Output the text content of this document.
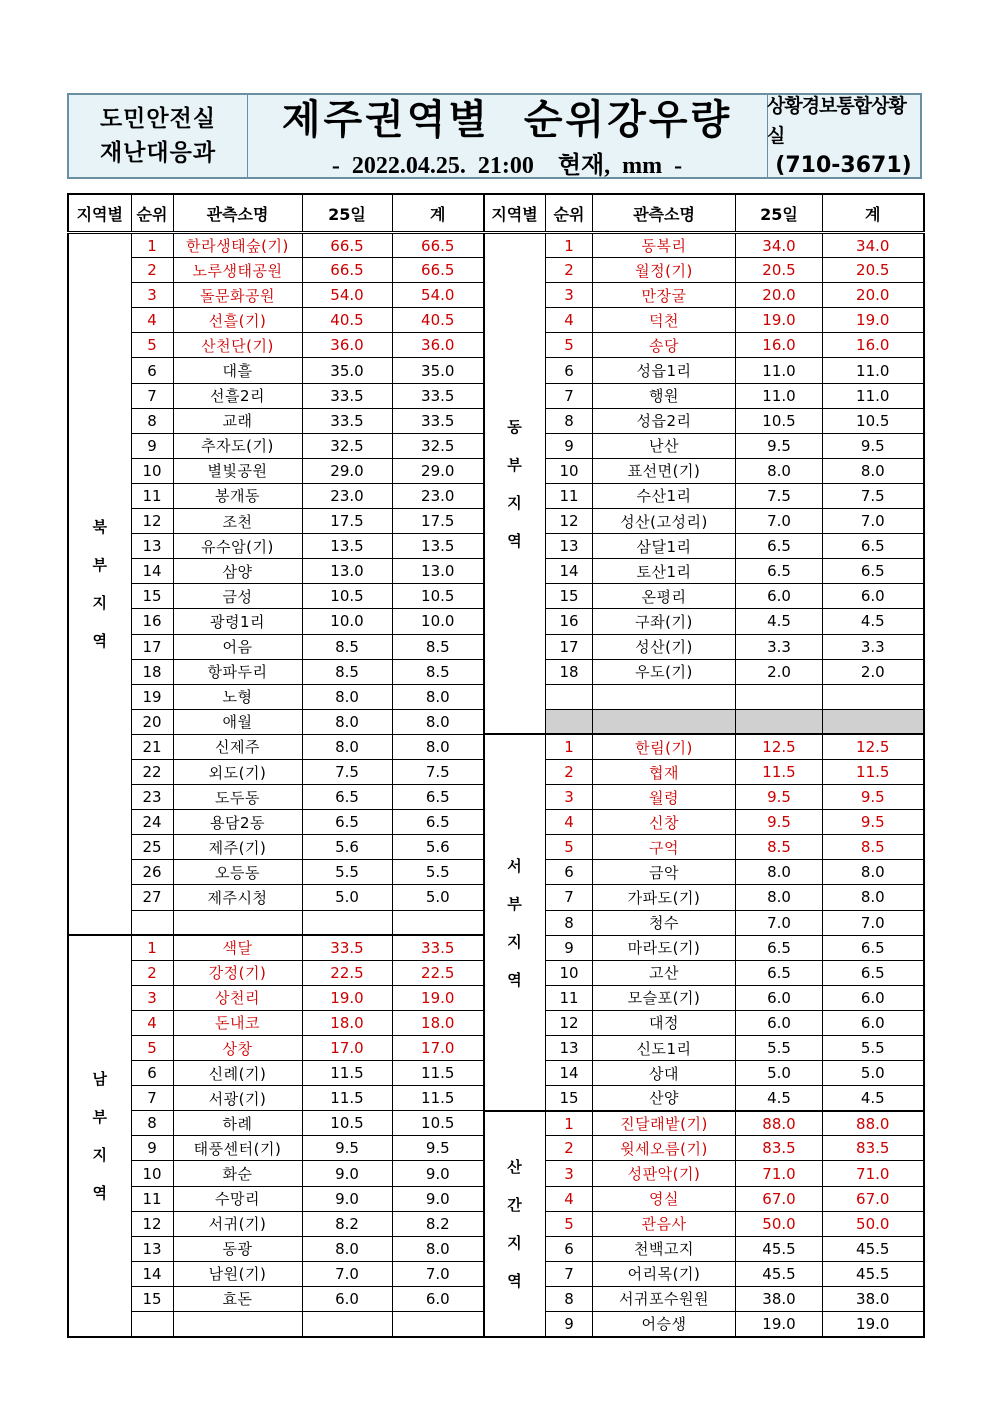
도민안전실
재난대응과
제주권역별  순위강우량
-  2022.04.25.  21:00    현재,  mm  -
상황경보통합상황실
(710-3671)
지역별	순위	관측소명	25일	계

북
부
지
역	1	한라생태숲(기)	66.5	66.5
	2	노루생태공원	66.5	66.5
	3	돌문화공원	54.0	54.0
	4	선흘(기)	40.5	40.5
	5	산천단(기)	36.0	36.0
	6	대흘	35.0	35.0
	7	선흘2리	33.5	33.5
	8	교래	33.5	33.5
	9	추자도(기)	32.5	32.5
	10	별빛공원	29.0	29.0
	11	봉개동	23.0	23.0
	12	조천	17.5	17.5
	13	유수암(기)	13.5	13.5
	14	삼양	13.0	13.0
	15	금성	10.5	10.5
	16	광령1리	10.0	10.0
	17	어음	8.5	8.5
	18	항파두리	8.5	8.5
	19	노형	8.0	8.0
	20	애월	8.0	8.0
	21	신제주	8.0	8.0
	22	외도(기)	7.5	7.5
	23	도두동	6.5	6.5
	24	용담2동	6.5	6.5
	25	제주(기)	5.6	5.6
	26	오등동	5.5	5.5
	27	제주시청	5.0	5.0

남
부
지
역	1	색달	33.5	33.5
	2	강정(기)	22.5	22.5
	3	상천리	19.0	19.0
	4	돈내코	18.0	18.0
	5	상창	17.0	17.0
	6	신례(기)	11.5	11.5
	7	서광(기)	11.5	11.5
	8	하례	10.5	10.5
	9	태풍센터(기)	9.5	9.5
	10	화순	9.0	9.0
	11	수망리	9.0	9.0
	12	서귀(기)	8.2	8.2
	13	동광	8.0	8.0
	14	남원(기)	7.0	7.0
	15	효돈	6.0	6.0

지역별	순위	관측소명	25일	계

동
부
지
역	1	동복리	34.0	34.0
	2	월정(기)	20.5	20.5
	3	만장굴	20.0	20.0
	4	덕천	19.0	19.0
	5	송당	16.0	16.0
	6	성읍1리	11.0	11.0
	7	행원	11.0	11.0
	8	성읍2리	10.5	10.5
	9	난산	9.5	9.5
	10	표선면(기)	8.0	8.0
	11	수산1리	7.5	7.5
	12	성산(고성리)	7.0	7.0
	13	삼달1리	6.5	6.5
	14	토산1리	6.5	6.5
	15	온평리	6.0	6.0
	16	구좌(기)	4.5	4.5
	17	성산(기)	3.3	3.3
	18	우도(기)	2.0	2.0

서
부
지
역	1	한림(기)	12.5	12.5
	2	협재	11.5	11.5
	3	월령	9.5	9.5
	4	신창	9.5	9.5
	5	구억	8.5	8.5
	6	금악	8.0	8.0
	7	가파도(기)	8.0	8.0
	8	청수	7.0	7.0
	9	마라도(기)	6.5	6.5
	10	고산	6.5	6.5
	11	모슬포(기)	6.0	6.0
	12	대정	6.0	6.0
	13	신도1리	5.5	5.5
	14	상대	5.0	5.0
	15	산양	4.5	4.5

산
간
지
역	1	진달래밭(기)	88.0	88.0
	2	윗세오름(기)	83.5	83.5
	3	성판악(기)	71.0	71.0
	4	영실	67.0	67.0
	5	관음사	50.0	50.0
	6	천백고지	45.5	45.5
	7	어리목(기)	45.5	45.5
	8	서귀포수원원	38.0	38.0
	9	어승생	19.0	19.0
